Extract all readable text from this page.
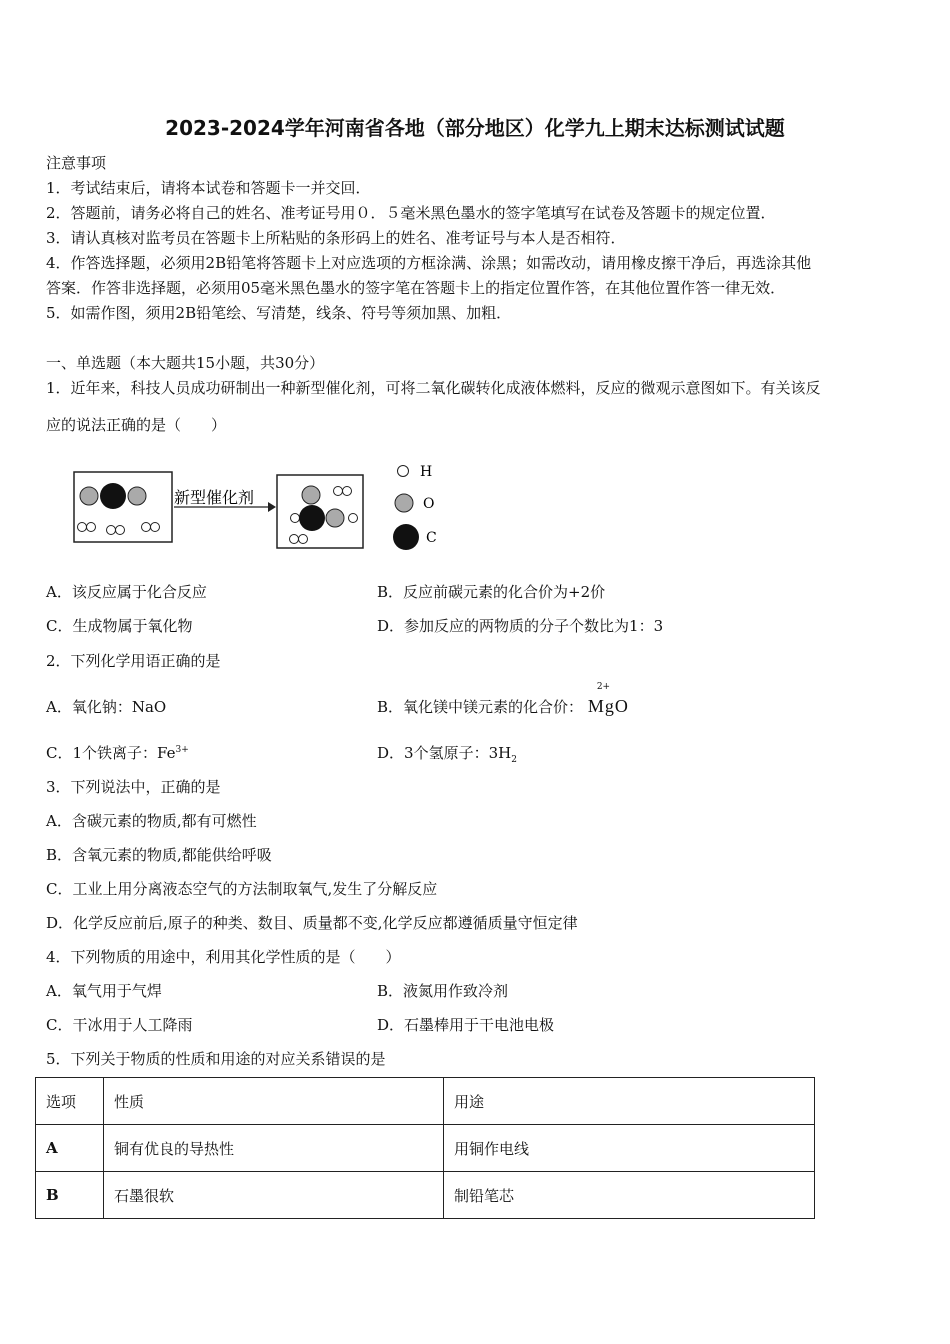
2023-2024学年河南省各地（部分地区）化学九上期末达标测试试题
注意事项
1．考试结束后，请将本试卷和答题卡一并交回．
2．答题前，请务必将自己的姓名、准考证号用０．５毫米黑色墨水的签字笔填写在试卷及答题卡的规定位置．
3．请认真核对监考员在答题卡上所粘贴的条形码上的姓名、准考证号与本人是否相符．
4．作答选择题，必须用2B铅笔将答题卡上对应选项的方框涂满、涂黑；如需改动，请用橡皮擦干净后，再选涂其他
答案．作答非选择题，必须用05毫米黑色墨水的签字笔在答题卡上的指定位置作答，在其他位置作答一律无效．
5．如需作图，须用2B铅笔绘、写清楚，线条、符号等须加黑、加粗．
一、单选题（本大题共15小题，共30分）
1．近年来，科技人员成功研制出一种新型催化剂，可将二氧化碳转化成液体燃料，反应的微观示意图如下。有关该反
应的说法正确的是（　　）
新型催化剂
H
O
C
A．该反应属于化合反应	B．反应前碳元素的化合价为+2价
C．生成物属于氧化物	D．参加反应的两物质的分子个数比为1：3
2．下列化学用语正确的是
A．氧化钠：NaO	B．氧化镁中镁元素的化合价：
2+
MgO
C．1个铁离子：$Fe^{3+}$	D．3个氢原子：$3H_2$
3．下列说法中，正确的是
A．含碳元素的物质,都有可燃性
B．含氧元素的物质,都能供给呼吸
C．工业上用分离液态空气的方法制取氧气,发生了分解反应
D．化学反应前后,原子的种类、数目、质量都不变,化学反应都遵循质量守恒定律
4．下列物质的用途中，利用其化学性质的是（　　）
A．氧气用于气焊	B．液氮用作致冷剂
C．干冰用于人工降雨	D．石墨棒用于干电池电极
5．下列关于物质的性质和用途的对应关系错误的是
选项	性质	用途
A	铜有优良的导热性	用铜作电线
B	石墨很软	制铅笔芯
